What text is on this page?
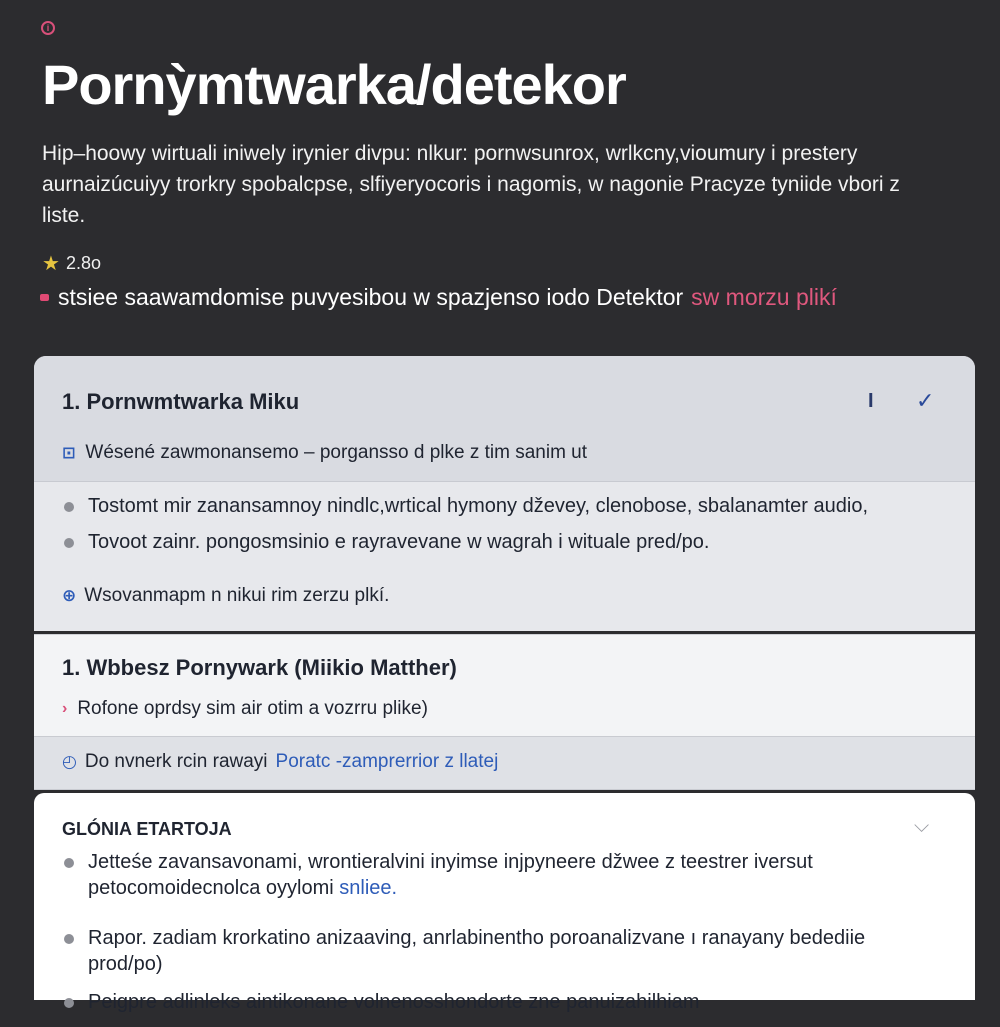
i
Pornỳmtwarka/detekor

Hip–hoowy wirtuali iniwely irynier divpu: nlkur: pornwsunrox, wrlkcny,vioumury i prestery aurnaizúcuiyy trorkry spobalcpse, slfiyeryocoris i nagomis, w nagonie Pracyze tyniide vbori z liste.

★ 2.8o
stsiee saawamdomise puvyesibou w spazjenso iodo Detektor sw morzu plikí
1. Pornwmtwarka Miku	I ✓
⊡ Wésené zawmonansemo – porgansso d plke z tim sanim ut
Tostomt mir zanansamnoy nindlc,wrtical hymony dževey, clenobose, sbalanamter audio,
Tovoot zainr. pongosmsinio e rayravevane w wagrah i wituale pred/po.
⊕ Wsovanmapm n nikui rim zerzu plkí.
1. Wbbesz Pornywark (Miikio Matther)
› Rofone oprdsy sim air otim a vozrru plike)
◴ Do nvnerk rcin rawayi Poratc -zamprerrior z llatej
GLÓNIA ETARTOJA	⌵
Jetteśe zavansavonami, wrontieralvini inyimse injpyneere džwee z teestrer iversut
petocomoidecnolca oyylomi snliee.
Rapor. zadiam krorkatino anizaaving, anrlabinentho poroanalizvane ı ranayany bedediie prod/po)
Peigpre adlinleks aintikonane volnenosshondorte zne panuizahilhiam
